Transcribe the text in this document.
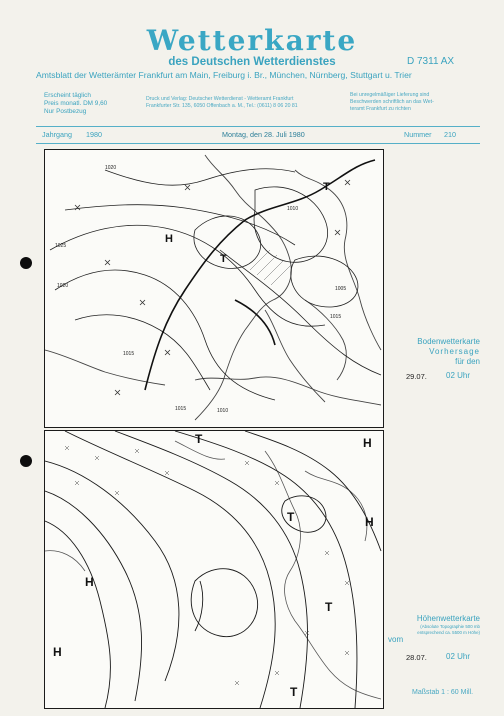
Wetterkarte
des Deutschen Wetterdienstes	D 7311 AX
Amtsblatt der Wetterämter Frankfurt am Main, Freiburg i. Br., München, Nürnberg, Stuttgart u. Trier
Erscheint täglich
Preis monatl. DM 9,60
Nur Postbezug
Druck und Verlag: Deutscher Wetterdienst - Wetteramt Frankfurt
Frankfurter Str. 135, 6050 Offenbach a. M., Tel.: (0611) 8 06 20 81
Bei unregelmäßiger Lieferung sind
Beschwerden schriftlich an das Wet-
teramt Frankfurt zu richten
Jahrgang 1980	Montag, den 28. Juli 1980	Nummer 210
1025
1020
1015
1010
1005
1020
1015
1015	1010
H
T
T
Bodenwetterkarte
Vorhersage
für den
29.07. 02 Uhr
H
H
H
H
T
T
T
T
Höhenwetterkarte
(Absolute Topographie 500 mb
entsprechend ca. 5500 m Höhe)
vom
28.07. 02 Uhr
Maßstab 1 : 60 Mill.
